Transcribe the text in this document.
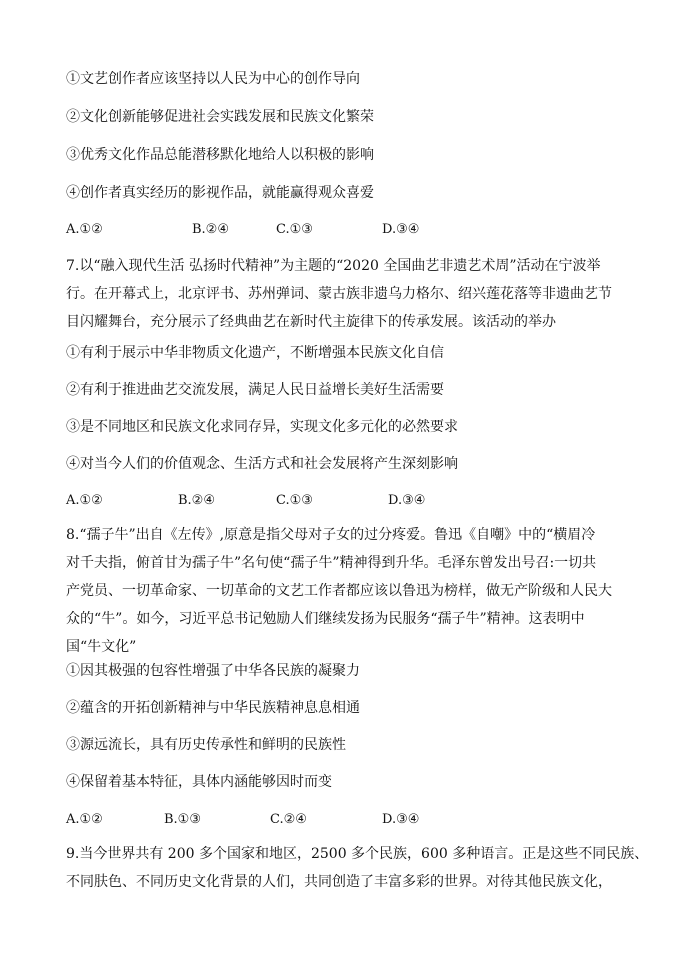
①文艺创作者应该坚持以人民为中心的创作导向
②文化创新能够促进社会实践发展和民族文化繁荣
③优秀文化作品总能潜移默化地给人以积极的影响
④创作者真实经历的影视作品，就能赢得观众喜爱
A.①②	B.②④	C.①③	D.③④
7.以“融入现代生活 弘扬时代精神”为主题的“2020 全国曲艺非遗艺术周”活动在宁波举
行。在开幕式上，北京评书、苏州弹词、蒙古族非遗乌力格尔、绍兴莲花落等非遗曲艺节
目闪耀舞台，充分展示了经典曲艺在新时代主旋律下的传承发展。该活动的举办
①有利于展示中华非物质文化遗产，不断增强本民族文化自信
②有利于推进曲艺交流发展，满足人民日益增长美好生活需要
③是不同地区和民族文化求同存异，实现文化多元化的必然要求
④对当今人们的价值观念、生活方式和社会发展将产生深刻影响
A.①②	B.②④	C.①③	D.③④
8.“孺子牛”出自《左传》,原意是指父母对子女的过分疼爱。鲁迅《自嘲》中的“横眉冷
对千夫指，俯首甘为孺子牛”名句使“孺子牛”精神得到升华。毛泽东曾发出号召:一切共
产党员、一切革命家、一切革命的文艺工作者都应该以鲁迅为榜样，做无产阶级和人民大
众的“牛”。如今，习近平总书记勉励人们继续发扬为民服务“孺子牛”精神。这表明中
国“牛文化”
①因其极强的包容性增强了中华各民族的凝聚力
②蕴含的开拓创新精神与中华民族精神息息相通
③源远流长，具有历史传承性和鲜明的民族性
④保留着基本特征，具体内涵能够因时而变
A.①②	B.①③	C.②④	D.③④
9.当今世界共有 200 多个国家和地区，2500 多个民族，600 多种语言。正是这些不同民族、
不同肤色、不同历史文化背景的人们，共同创造了丰富多彩的世界。对待其他民族文化，
